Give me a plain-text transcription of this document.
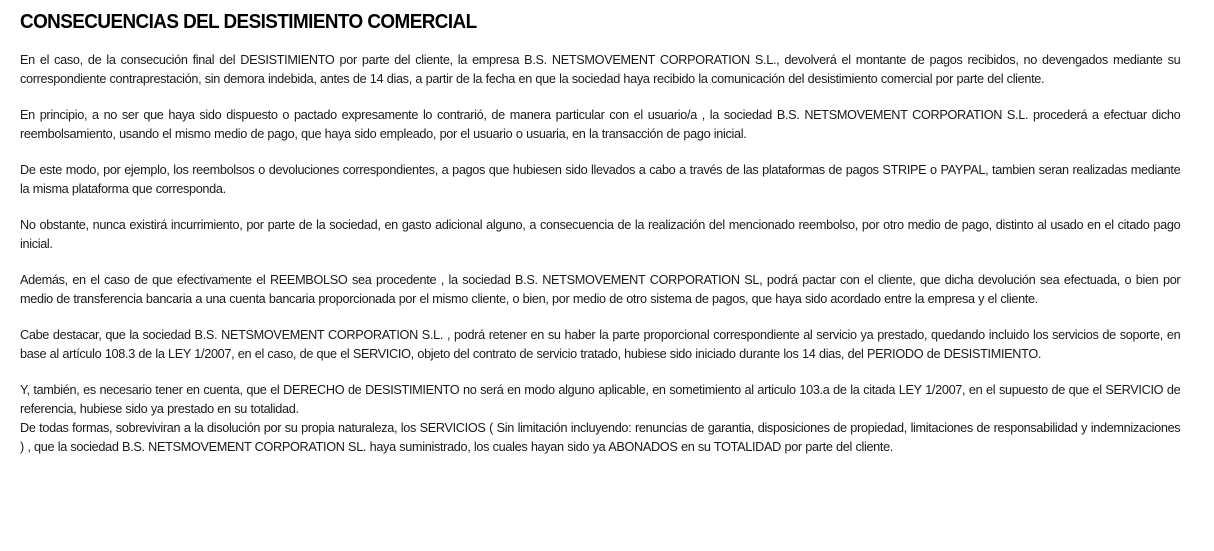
CONSECUENCIAS DEL DESISTIMIENTO COMERCIAL

En el caso, de la consecución final del DESISTIMIENTO por parte del cliente, la empresa B.S. NETSMOVEMENT CORPORATION S.L., devolverá el montante de pagos recibidos, no devengados mediante su correspondiente contraprestación, sin demora indebida, antes de 14 dias, a partir de la fecha en que la sociedad haya recibido la comunicación del desistimiento comercial por parte del cliente.

En principio, a no ser que haya sido dispuesto o pactado expresamente lo contrarió, de manera particular con el usuario/a , la sociedad B.S. NETSMOVEMENT CORPORATION S.L. procederá a efectuar dicho reembolsamiento, usando el mismo medio de pago, que haya sido empleado, por el usuario o usuaria, en la transacción de pago inicial.

De este modo, por ejemplo, los reembolsos o devoluciones correspondientes, a pagos que hubiesen sido llevados a cabo a través de las plataformas de pagos STRIPE o PAYPAL, tambien seran realizadas mediante la misma plataforma que corresponda.

No obstante, nunca existirá incurrimiento, por parte de la sociedad, en gasto adicional alguno, a consecuencia de la realización del mencionado reembolso, por otro medio de pago, distinto al usado en el citado pago inicial.

Además, en el caso de que efectivamente el REEMBOLSO sea procedente , la sociedad B.S. NETSMOVEMENT CORPORATION SL, podrá pactar con el cliente, que dicha devolución sea efectuada, o bien por medio de transferencia bancaria a una cuenta bancaria proporcionada por el mismo cliente, o bien, por medio de otro sistema de pagos, que haya sido acordado entre la empresa y el cliente.

Cabe destacar, que la sociedad B.S. NETSMOVEMENT CORPORATION S.L. , podrá retener en su haber la parte proporcional correspondiente al servicio ya prestado, quedando incluido los servicios de soporte, en base al artículo 108.3 de la LEY 1/2007, en el caso, de que el SERVICIO, objeto del contrato de servicio tratado, hubiese sido iniciado durante los 14 dias, del PERIODO de DESISTIMIENTO.

Y, también, es necesario tener en cuenta, que el DERECHO de DESISTIMIENTO no será en modo alguno aplicable, en sometimiento al articulo 103.a de la citada LEY 1/2007, en el supuesto de que el SERVICIO de referencia, hubiese sido ya prestado en su totalidad.

De todas formas, sobreviviran a la disolución por su propia naturaleza, los SERVICIOS ( Sin limitación incluyendo: renuncias de garantia, disposiciones de propiedad, limitaciones de responsabilidad y indemnizaciones ) , que la sociedad B.S. NETSMOVEMENT CORPORATION SL. haya suministrado, los cuales hayan sido ya ABONADOS en su TOTALIDAD por parte del cliente.
